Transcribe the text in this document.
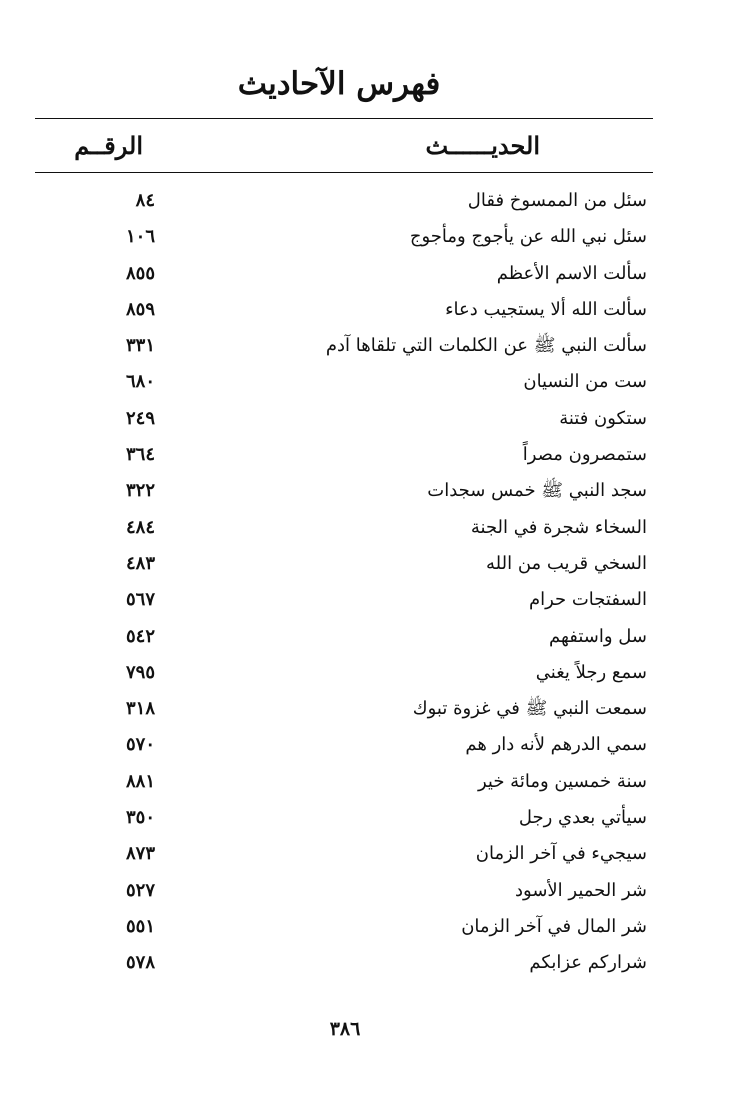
فهرس الآحاديث
الحديــــــث
الرقــم
سئل من الممسوخ فقال
٨٤
سئل نبي الله عن يأجوج ومأجوج
١٠٦
سألت الاسم الأعظم
٨٥٥
سألت الله ألا يستجيب دعاء
٨٥٩
سألت النبي ﷺ عن الكلمات التي تلقاها آدم
٣٣١
ست من النسيان
٦٨٠
ستكون فتنة
٢٤٩
ستمصرون مصراً
٣٦٤
سجد النبي ﷺ خمس سجدات
٣٢٢
السخاء شجرة في الجنة
٤٨٤
السخي قريب من الله
٤٨٣
السفتجات حرام
٥٦٧
سل واستفهم
٥٤٢
سمع رجلاً يغني
٧٩٥
سمعت النبي ﷺ في غزوة تبوك
٣١٨
سمي الدرهم لأنه دار هم
٥٧٠
سنة خمسين ومائة خير
٨٨١
سيأتي بعدي رجل
٣٥٠
سيجيء في آخر الزمان
٨٧٣
شر الحمير الأسود
٥٢٧
شر المال في آخر الزمان
٥٥١
شراركم عزابكم
٥٧٨
٣٨٦
